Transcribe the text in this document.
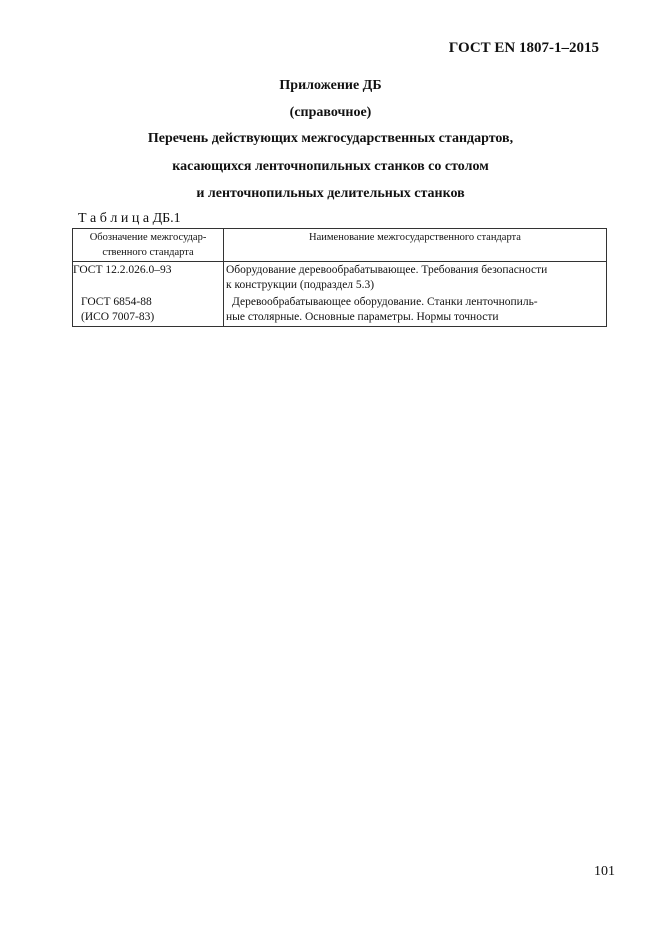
ГОСТ EN 1807-1–2015
Приложение ДБ
(справочное)
Перечень действующих межгосударственных стандартов,
касающихся ленточнопильных станков со столом
и ленточнопильных делительных станков
Т а б л и ц а ДБ.1
Обозначение межгосудар-
ственного стандарта	Наименование межгосударственного стандарта

ГОСТ 12.2.026.0–93	Оборудование деревообрабатывающее. Требования безопасности
к конструкции (подраздел 5.3)

ГОСТ 6854-88
(ИСО 7007-83)	Деревообрабатывающее оборудование. Станки ленточнопиль-
ные столярные. Основные параметры. Нормы точности
101
